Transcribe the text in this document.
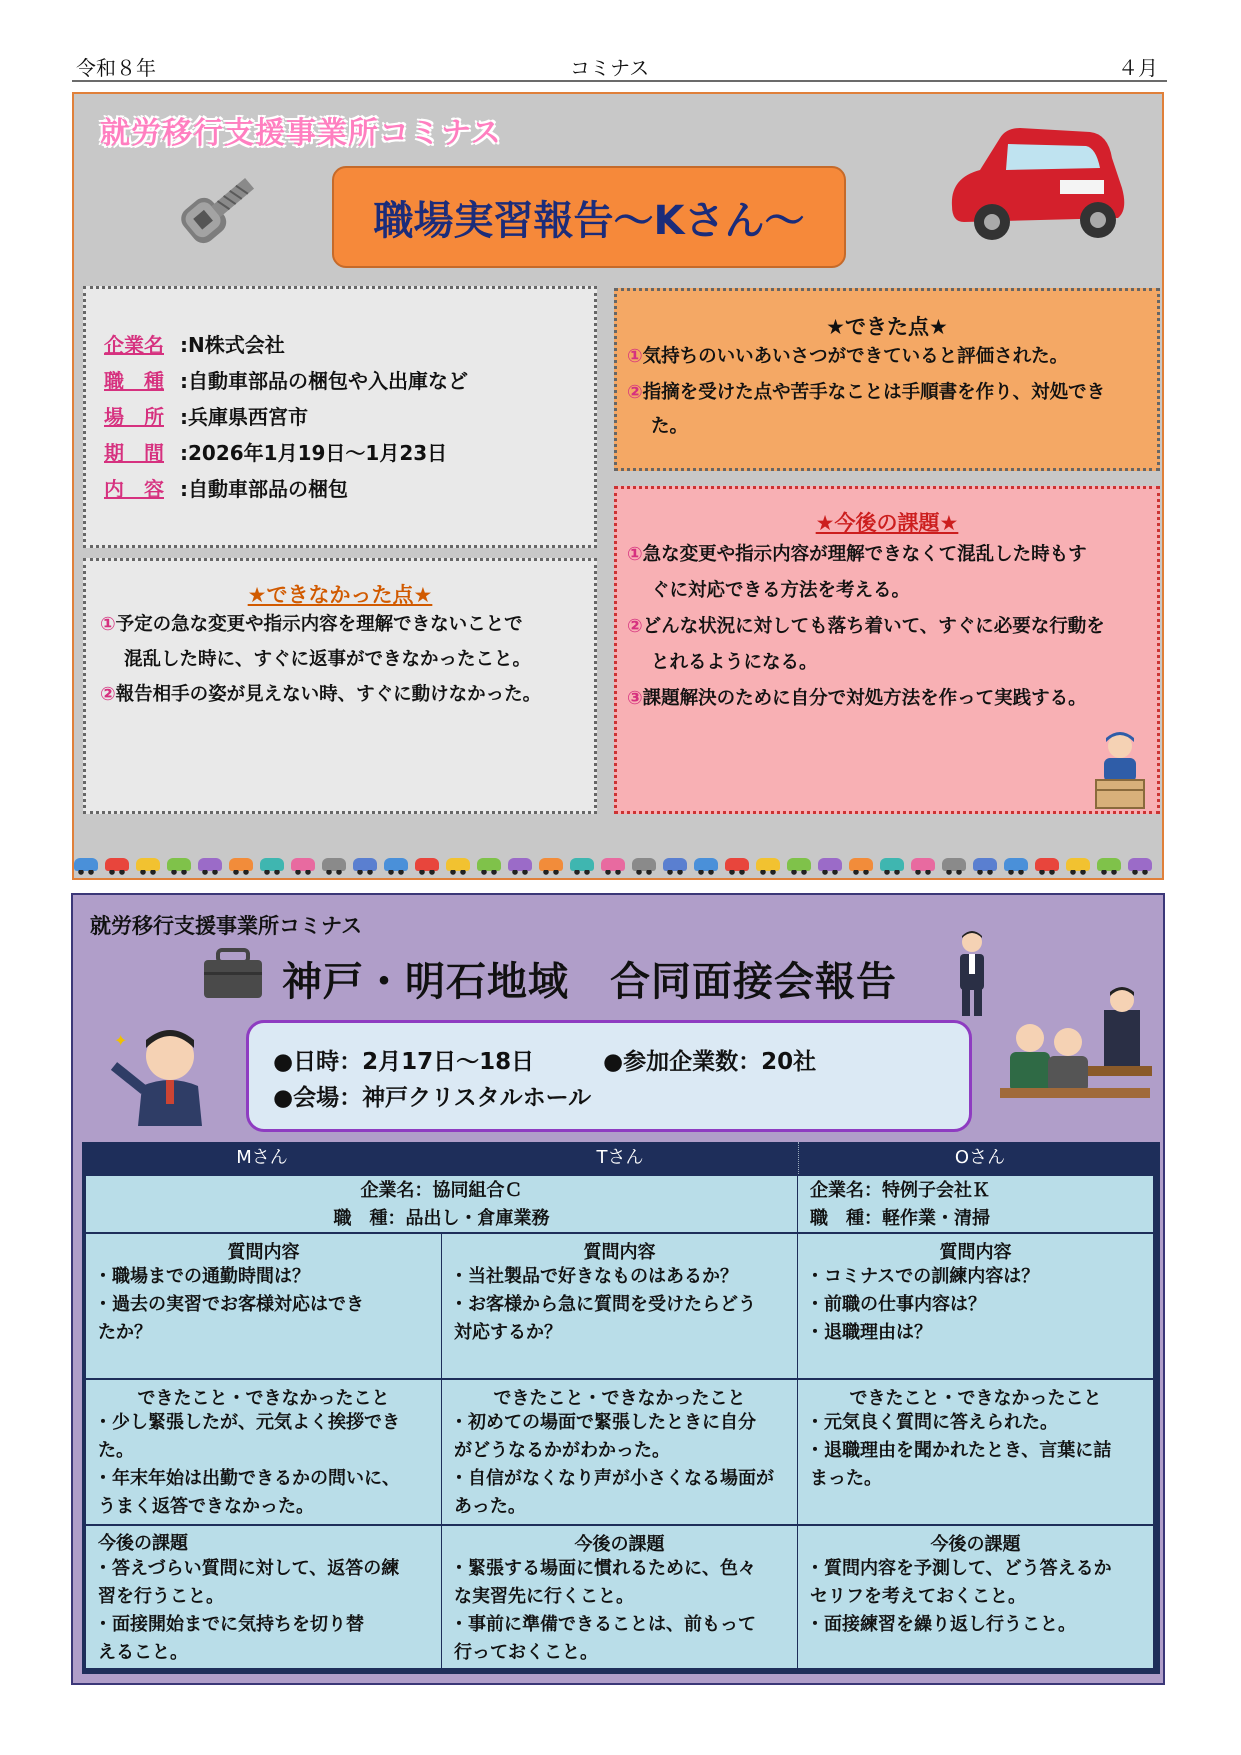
令和８年	コミナス	４月
就労移行支援事業所コミナス
職場実習報告～Kさん～
企業名 :N株式会社
職　種 :自動車部品の梱包や入出庫など
場　所 :兵庫県西宮市
期　間 :2026年1月19日～1月23日
内　容 :自動車部品の梱包
★できなかった点★
①予定の急な変更や指示内容を理解できないことで
混乱した時に、すぐに返事ができなかったこと。
②報告相手の姿が見えない時、すぐに動けなかった。
★できた点★
①気持ちのいいあいさつができていると評価された。
②指摘を受けた点や苦手なことは手順書を作り、対処でき
た。
★今後の課題★
①急な変更や指示内容が理解できなくて混乱した時もす
ぐに対応できる方法を考える。
②どんな状況に対しても落ち着いて、すぐに必要な行動を
とれるようになる。
③課題解決のために自分で対処方法を作って実践する。
就労移行支援事業所コミナス
神戸・明石地域　合同面接会報告
✦
●日時：2月17日～18日	●参加企業数：20社
●会場：神戸クリスタルホール
Mさん	Tさん	Oさん
企業名：協同組合Ｃ
職　種：品出し・倉庫業務
企業名：特例子会社Ｋ
職　種：軽作業・清掃
質問内容
・職場までの通勤時間は？
・過去の実習でお客様対応はでき
たか？
質問内容
・当社製品で好きなものはあるか？
・お客様から急に質問を受けたらどう
対応するか？
質問内容
・コミナスでの訓練内容は？
・前職の仕事内容は？
・退職理由は？
できたこと・できなかったこと
・少し緊張したが、元気よく挨拶でき
た。
・年末年始は出勤できるかの問いに、
うまく返答できなかった。
できたこと・できなかったこと
・初めての場面で緊張したときに自分
がどうなるかがわかった。
・自信がなくなり声が小さくなる場面が
あった。
できたこと・できなかったこと
・元気良く質問に答えられた。
・退職理由を聞かれたとき、言葉に詰
まった。
今後の課題
・答えづらい質問に対して、返答の練
習を行うこと。
・面接開始までに気持ちを切り替
えること。
今後の課題
・緊張する場面に慣れるために、色々
な実習先に行くこと。
・事前に準備できることは、前もって
行っておくこと。
今後の課題
・質問内容を予測して、どう答えるか
セリフを考えておくこと。
・面接練習を繰り返し行うこと。
